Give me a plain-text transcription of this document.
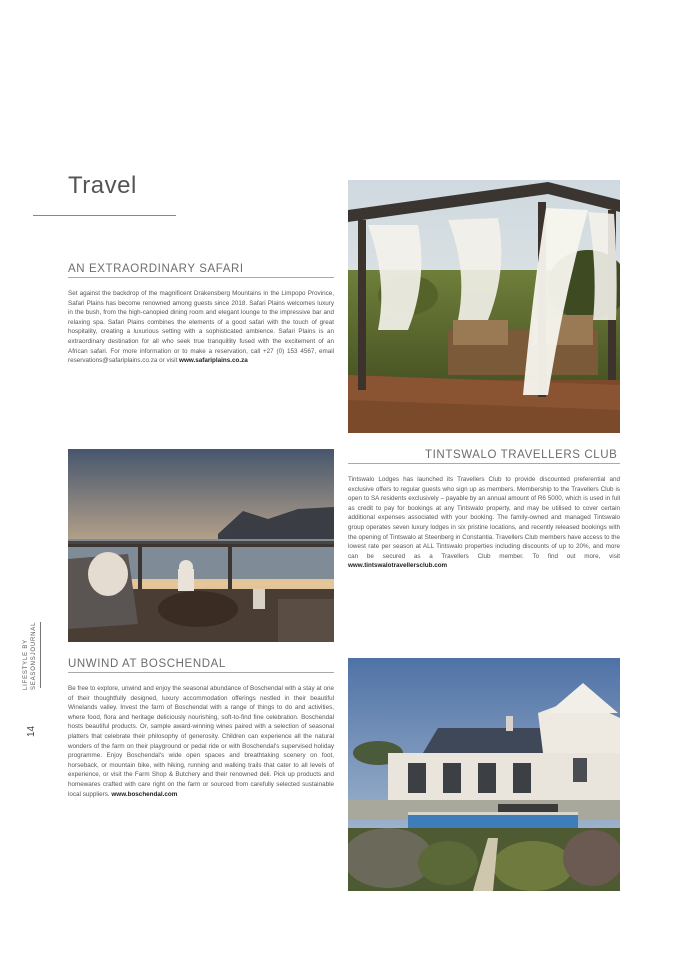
Travel
AN EXTRAORDINARY SAFARI
Set against the backdrop of the magnificent Drakensberg Mountains in the Limpopo Province, Safari Plains has become renowned among guests since 2018. Safari Plains welcomes luxury in the bush, from the high-canopied dining room and elegant lounge to the impressive bar and relaxing spa. Safari Plains combines the elements of a good safari with the touch of great hospitality, creating a luxurious setting with a sophisticated ambience. Safari Plains is an extraordinary destination for all who seek true tranquillity fused with the excitement of an African safari. For more information or to make a reservation, call +27 (0) 153 4567, email reservations@safariplains.co.za or visit www.safariplains.co.za
TINTSWALO TRAVELLERS CLUB
Tintswalo Lodges has launched its Travellers Club to provide discounted preferential and exclusive offers to regular guests who sign up as members. Membership to the Travellers Club is open to SA residents exclusively – payable by an annual amount of R6 5000, which is used in full as credit to pay for bookings at any Tintswalo property, and may be utilised to cover certain additional expenses associated with your booking. The family-owned and managed Tintswalo group operates seven luxury lodges in six pristine locations, and recently released bookings with the opening of Tintswalo at Steenberg in Constantia. Travellers Club members have access to the lowest rate per season at ALL Tintswalo properties including discounts of up to 20%, and more can be secured as a Travellers Club member. To find out more, visit www.tintswalotravellersclub.com
UNWIND AT BOSCHENDAL
Be free to explore, unwind and enjoy the seasonal abundance of Boschendal with a stay at one of their thoughtfully designed, luxury accommodation offerings nestled in their beautiful Winelands valley. Invest the farm of Boschendal with a range of things to do and activities, where food, flora and heritage deliciously nourishing, soft-to-find fine celebration. Boschendal hosts beautiful products. Or, sample award-winning wines paired with a selection of seasonal platters that celebrate their philosophy of generosity. Children can experience all the natural wonders of the farm on their playground or pedal ride or with Boschendal's supervised holiday programme. Enjoy Boschendal's wide open spaces and breathtaking scenery on foot, horseback, or mountain bike, with hiking, running and walking trails that cater to all levels of experience, or visit the Farm Shop & Butchery and their renowned deli. Pick up products and homewares crafted with care right on the farm or sourced from carefully selected sustainable local suppliers. www.boschendal.com
LIFESTYLE BY SEASONSJOURNAL
14
